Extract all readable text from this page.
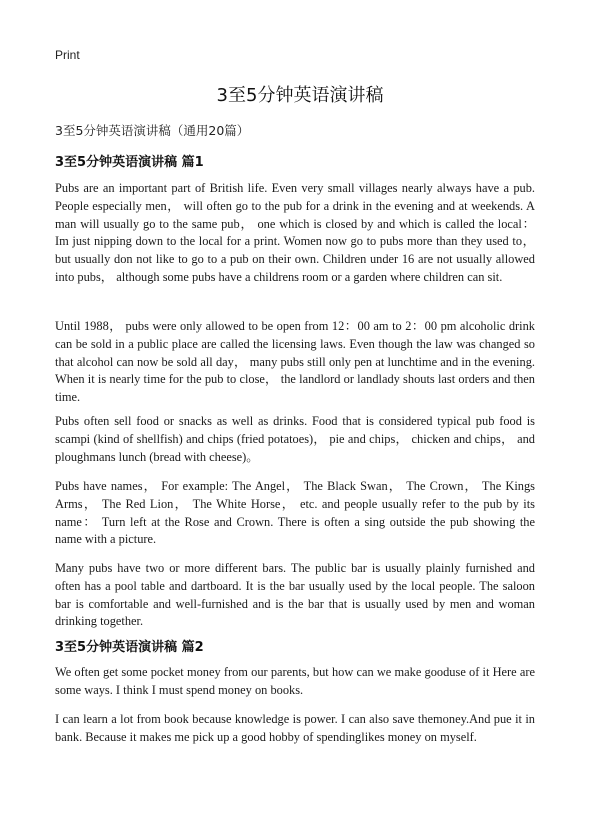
Print
3至5分钟英语演讲稿
3至5分钟英语演讲稿（通用20篇）
3至5分钟英语演讲稿 篇1

Pubs are an important part of British life. Even very small villages nearly always have a pub. People especially men， will often go to the pub for a drink in the evening and at weekends. A man will usually go to the same pub， one which is closed by and which is called the local： Im just nipping down to the local for a print. Women now go to pubs more than they used to， but usually don not like to go to a pub on their own. Children under 16 are not usually allowed into pubs， although some pubs have a childrens room or a garden where children can sit.

Until 1988， pubs were only allowed to be open from 12：00 am to 2：00 pm alcoholic drink can be sold in a public place are called the licensing laws. Even though the law was changed so that alcohol can now be sold all day， many pubs still only pen at lunchtime and in the evening. When it is nearly time for the pub to close， the landlord or landlady shouts last orders and then time.

Pubs often sell food or snacks as well as drinks. Food that is considered typical pub food is scampi (kind of shellfish) and chips (fried potatoes)， pie and chips， chicken and chips， and ploughmans lunch (bread with cheese)。

Pubs have names， For example: The Angel， The Black Swan， The Crown， The Kings Arms， The Red Lion， The White Horse， etc. and people usually refer to the pub by its name： Turn left at the Rose and Crown. There is often a sing outside the pub showing the name with a picture.

Many pubs have two or more different bars. The public bar is usually plainly furnished and often has a pool table and dartboard. It is the bar usually used by the local people. The saloon bar is comfortable and well-furnished and is the bar that is usually used by men and woman drinking together.

3至5分钟英语演讲稿 篇2

We often get some pocket money from our parents, but how can we make gooduse of it Here are some ways. I think I must spend money on books.

I can learn a lot from book because knowledge is power. I can also save themoney.And pue it in bank. Because it makes me pick up a good hobby of spendinglikes money on myself.
